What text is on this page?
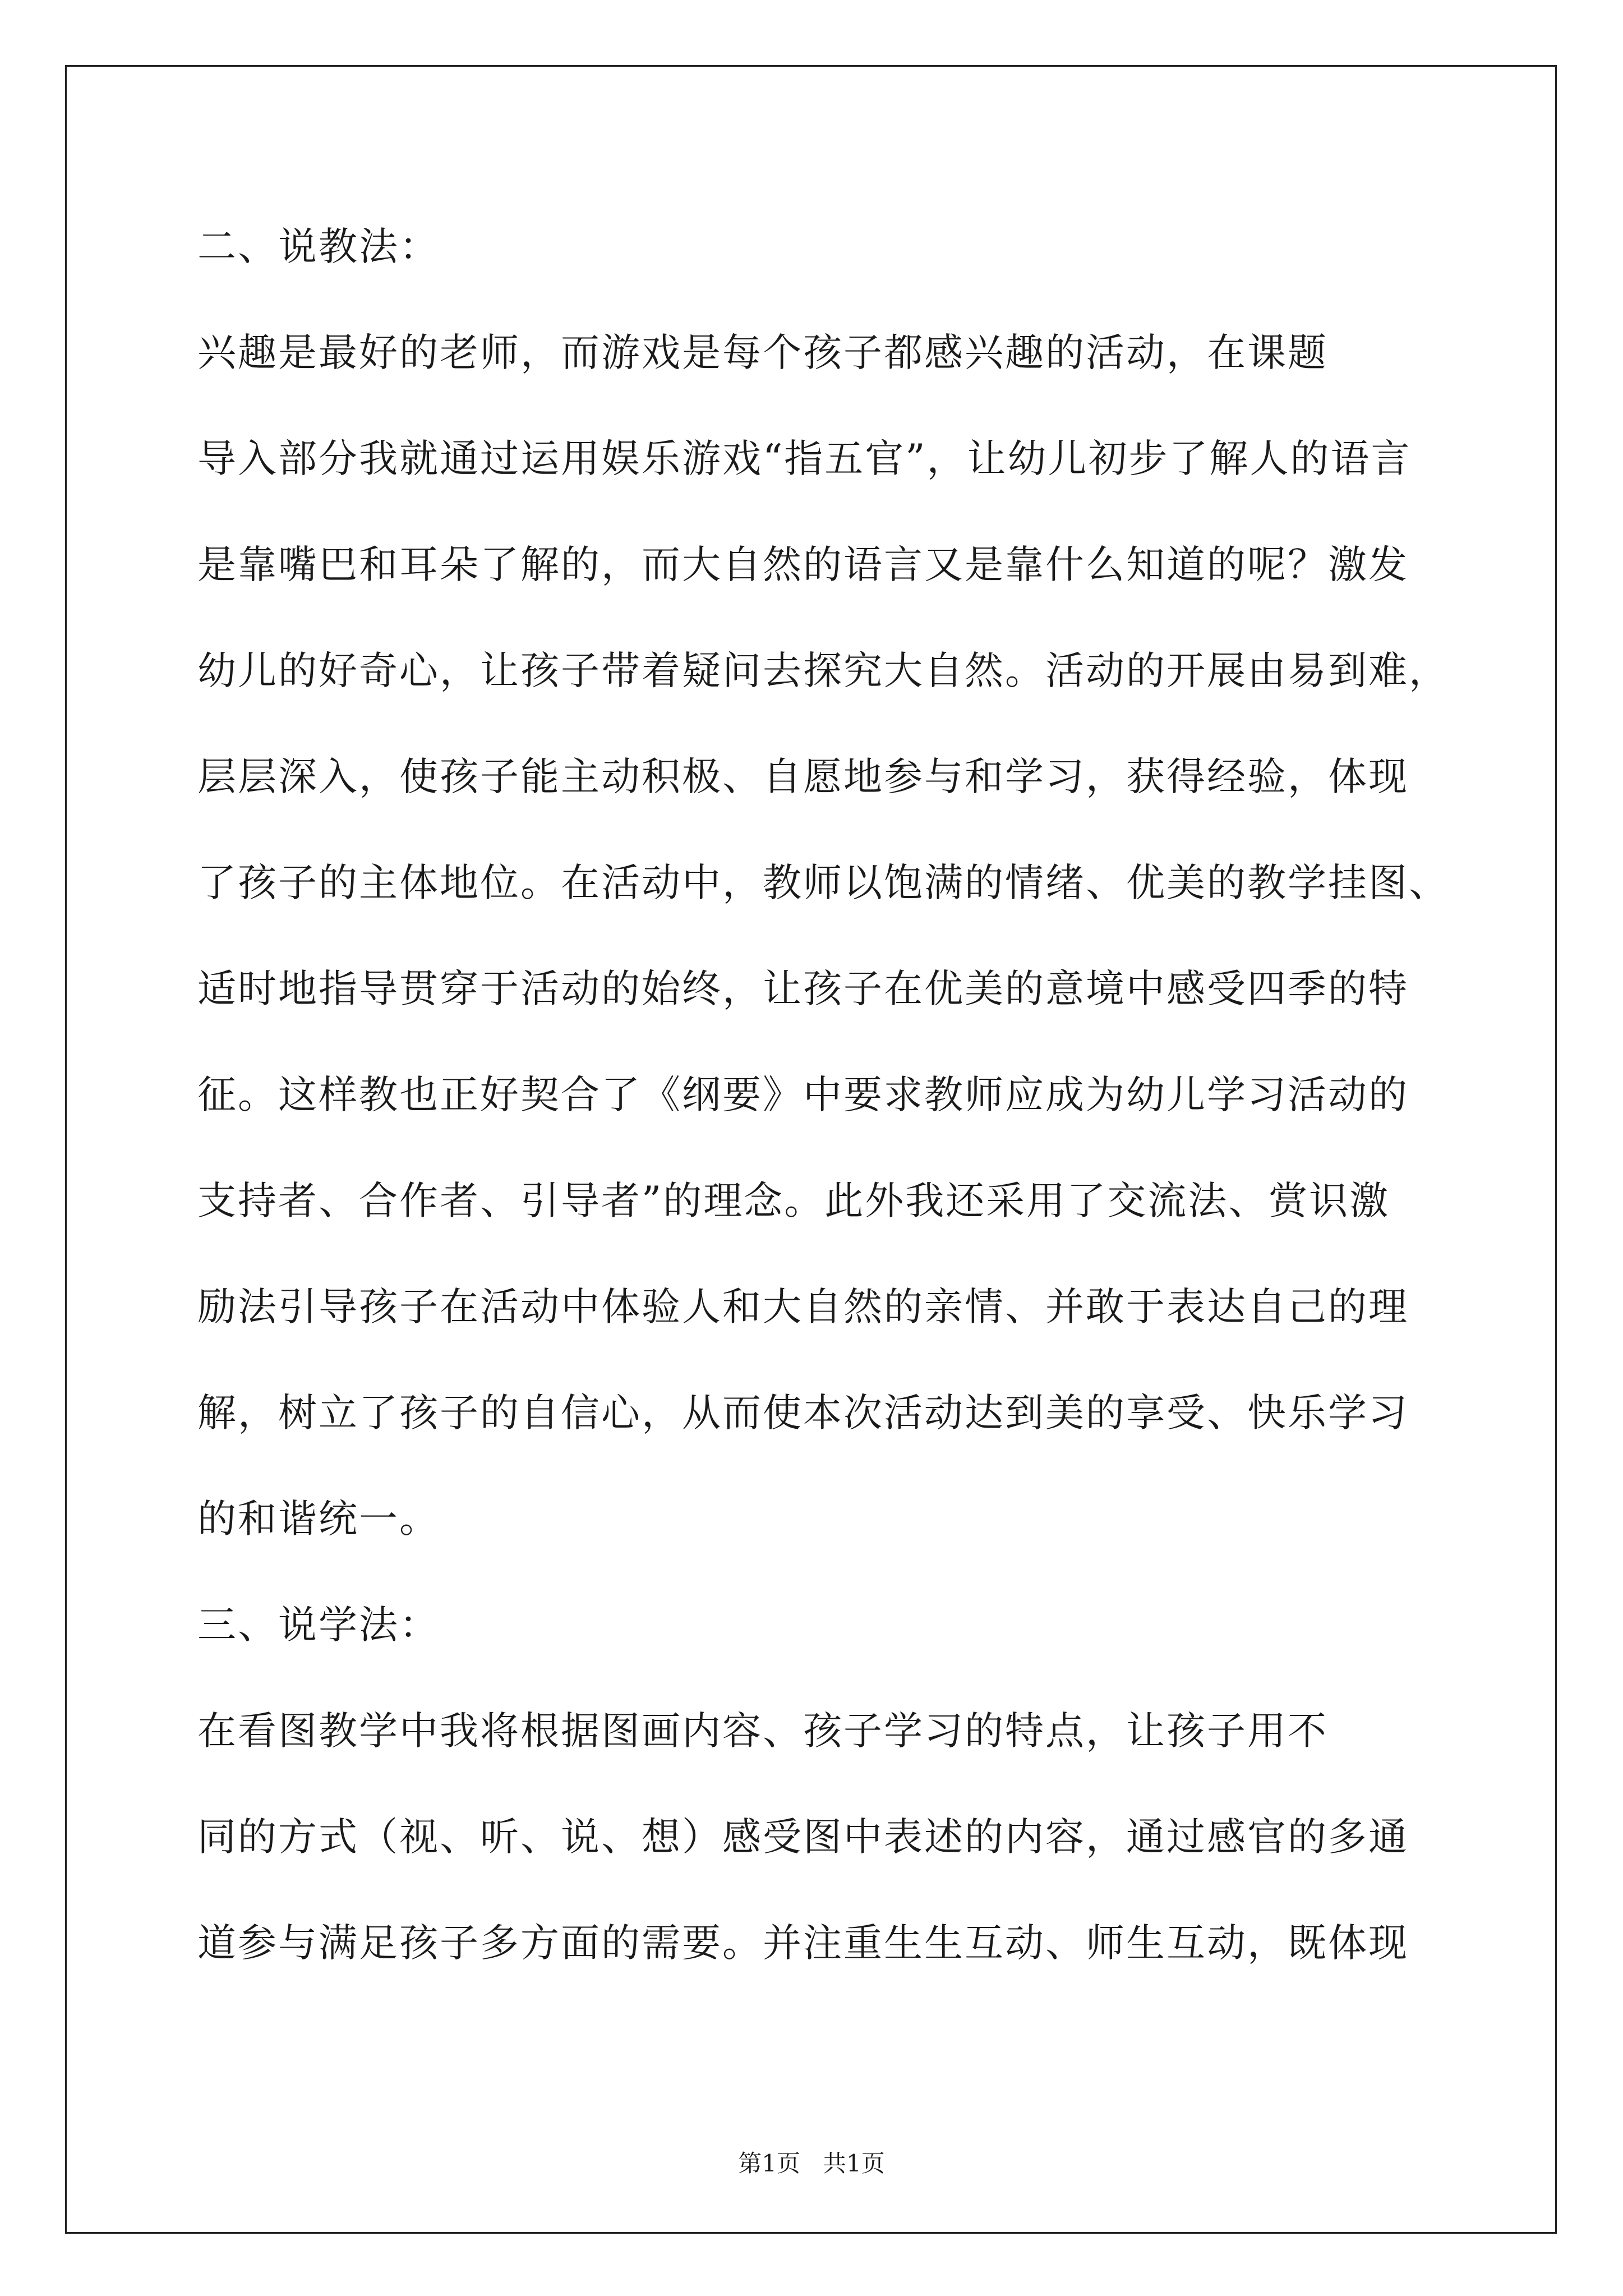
二、说教法：
兴趣是最好的老师，而游戏是每个孩子都感兴趣的活动，在课题
导入部分我就通过运用娱乐游戏“指五官”，让幼儿初步了解人的语言
是靠嘴巴和耳朵了解的，而大自然的语言又是靠什么知道的呢？激发
幼儿的好奇心，让孩子带着疑问去探究大自然。活动的开展由易到难，
层层深入，使孩子能主动积极、自愿地参与和学习，获得经验，体现
了孩子的主体地位。在活动中，教师以饱满的情绪、优美的教学挂图、
适时地指导贯穿于活动的始终，让孩子在优美的意境中感受四季的特
征。这样教也正好契合了《纲要》中要求教师应成为幼儿学习活动的
支持者、合作者、引导者”的理念。此外我还采用了交流法、赏识激
励法引导孩子在活动中体验人和大自然的亲情、并敢于表达自己的理
解，树立了孩子的自信心，从而使本次活动达到美的享受、快乐学习
的和谐统一。
三、说学法：
在看图教学中我将根据图画内容、孩子学习的特点，让孩子用不
同的方式（视、听、说、想）感受图中表述的内容，通过感官的多通
道参与满足孩子多方面的需要。并注重生生互动、师生互动，既体现
第1页   共1页
